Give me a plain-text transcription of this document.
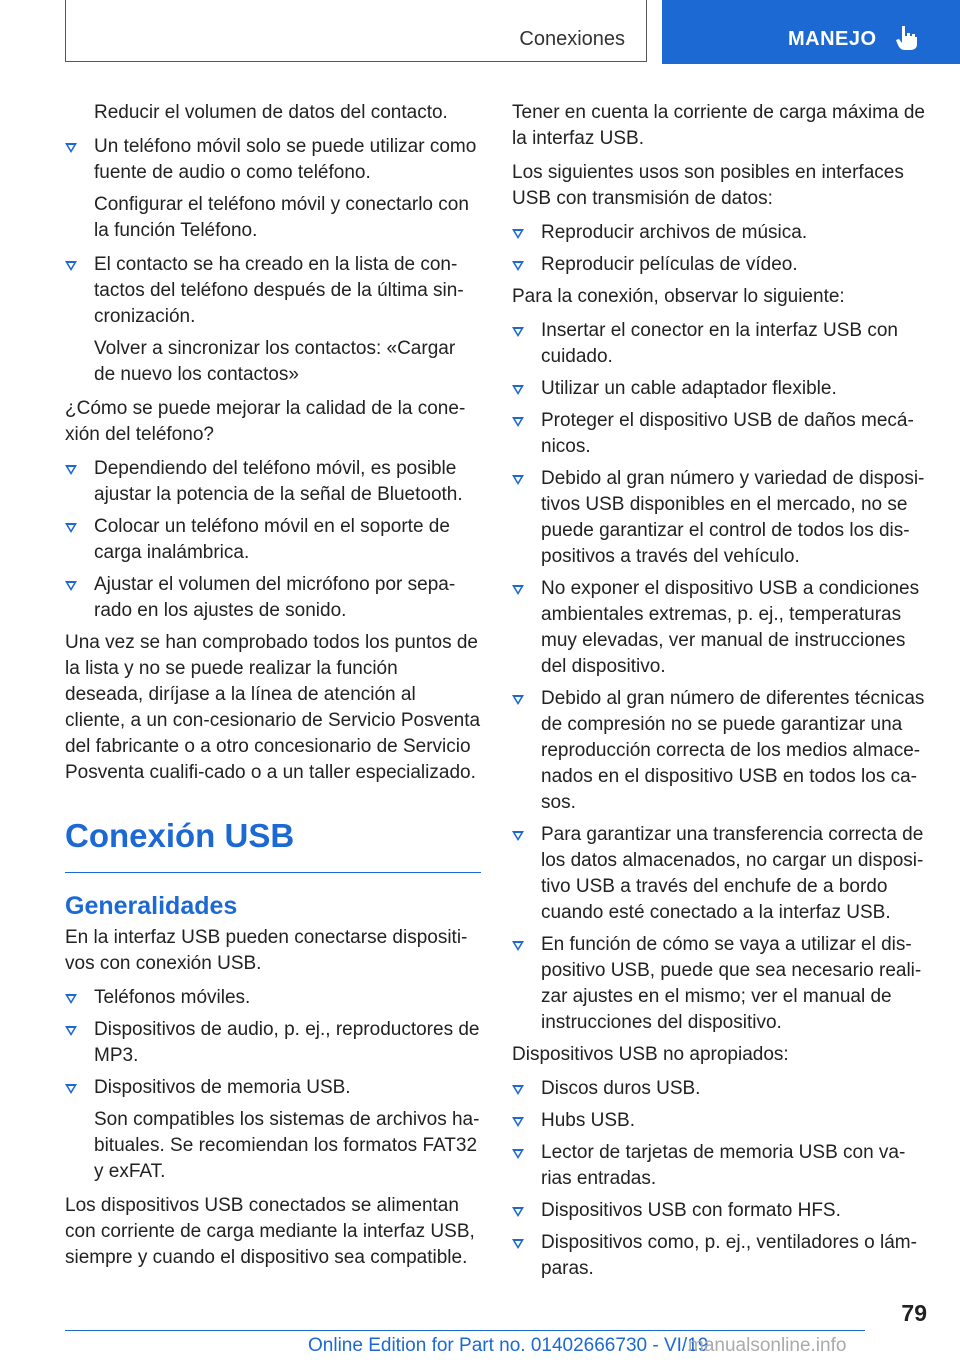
Conexiones	MANEJO

Reducir el volumen de datos del contacto.

Un teléfono móvil solo se puede utilizar como fuente de audio o como teléfono.

Configurar el teléfono móvil y conectarlo con la función Teléfono.

El contacto se ha creado en la lista de con‐tactos del teléfono después de la última sin‐cronización.

Volver a sincronizar los contactos: «Cargar de nuevo los contactos»

¿Cómo se puede mejorar la calidad de la cone‐xión del teléfono?

Dependiendo del teléfono móvil, es posible ajustar la potencia de la señal de Bluetooth.
Colocar un teléfono móvil en el soporte de carga inalámbrica.
Ajustar el volumen del micrófono por sepa‐rado en los ajustes de sonido.

Una vez se han comprobado todos los puntos de la lista y no se puede realizar la función deseada, diríjase a la línea de atención al cliente, a un con‐cesionario de Servicio Posventa del fabricante o a otro concesionario de Servicio Posventa cualifi‐cado o a un taller especializado.

Conexión USB
Generalidades

En la interfaz USB pueden conectarse dispositi‐vos con conexión USB.

Teléfonos móviles.
Dispositivos de audio, p. ej., reproductores de MP3.
Dispositivos de memoria USB.

Son compatibles los sistemas de archivos ha‐bituales. Se recomiendan los formatos FAT32 y exFAT.

Los dispositivos USB conectados se alimentan con corriente de carga mediante la interfaz USB, siempre y cuando el dispositivo sea compatible.

Tener en cuenta la corriente de carga máxima de la interfaz USB.

Los siguientes usos son posibles en interfaces USB con transmisión de datos:

Reproducir archivos de música.
Reproducir películas de vídeo.

Para la conexión, observar lo siguiente:

Insertar el conector en la interfaz USB con cuidado.
Utilizar un cable adaptador flexible.
Proteger el dispositivo USB de daños mecá‐nicos.
Debido al gran número y variedad de disposi‐tivos USB disponibles en el mercado, no se puede garantizar el control de todos los dis‐positivos a través del vehículo.
No exponer el dispositivo USB a condiciones ambientales extremas, p. ej., temperaturas muy elevadas, ver manual de instrucciones del dispositivo.
Debido al gran número de diferentes técnicas de compresión no se puede garantizar una reproducción correcta de los medios almace‐nados en el dispositivo USB en todos los ca‐sos.
Para garantizar una transferencia correcta de los datos almacenados, no cargar un disposi‐tivo USB a través del enchufe de a bordo cuando esté conectado a la interfaz USB.
En función de cómo se vaya a utilizar el dis‐positivo USB, puede que sea necesario reali‐zar ajustes en el mismo; ver el manual de instrucciones del dispositivo.

Dispositivos USB no apropiados:

Discos duros USB.
Hubs USB.
Lector de tarjetas de memoria USB con va‐rias entradas.
Dispositivos USB con formato HFS.
Dispositivos como, p. ej., ventiladores o lám‐paras.
79
Online Edition for Part no. 01402666730 - VI/19
manualsonline.info
